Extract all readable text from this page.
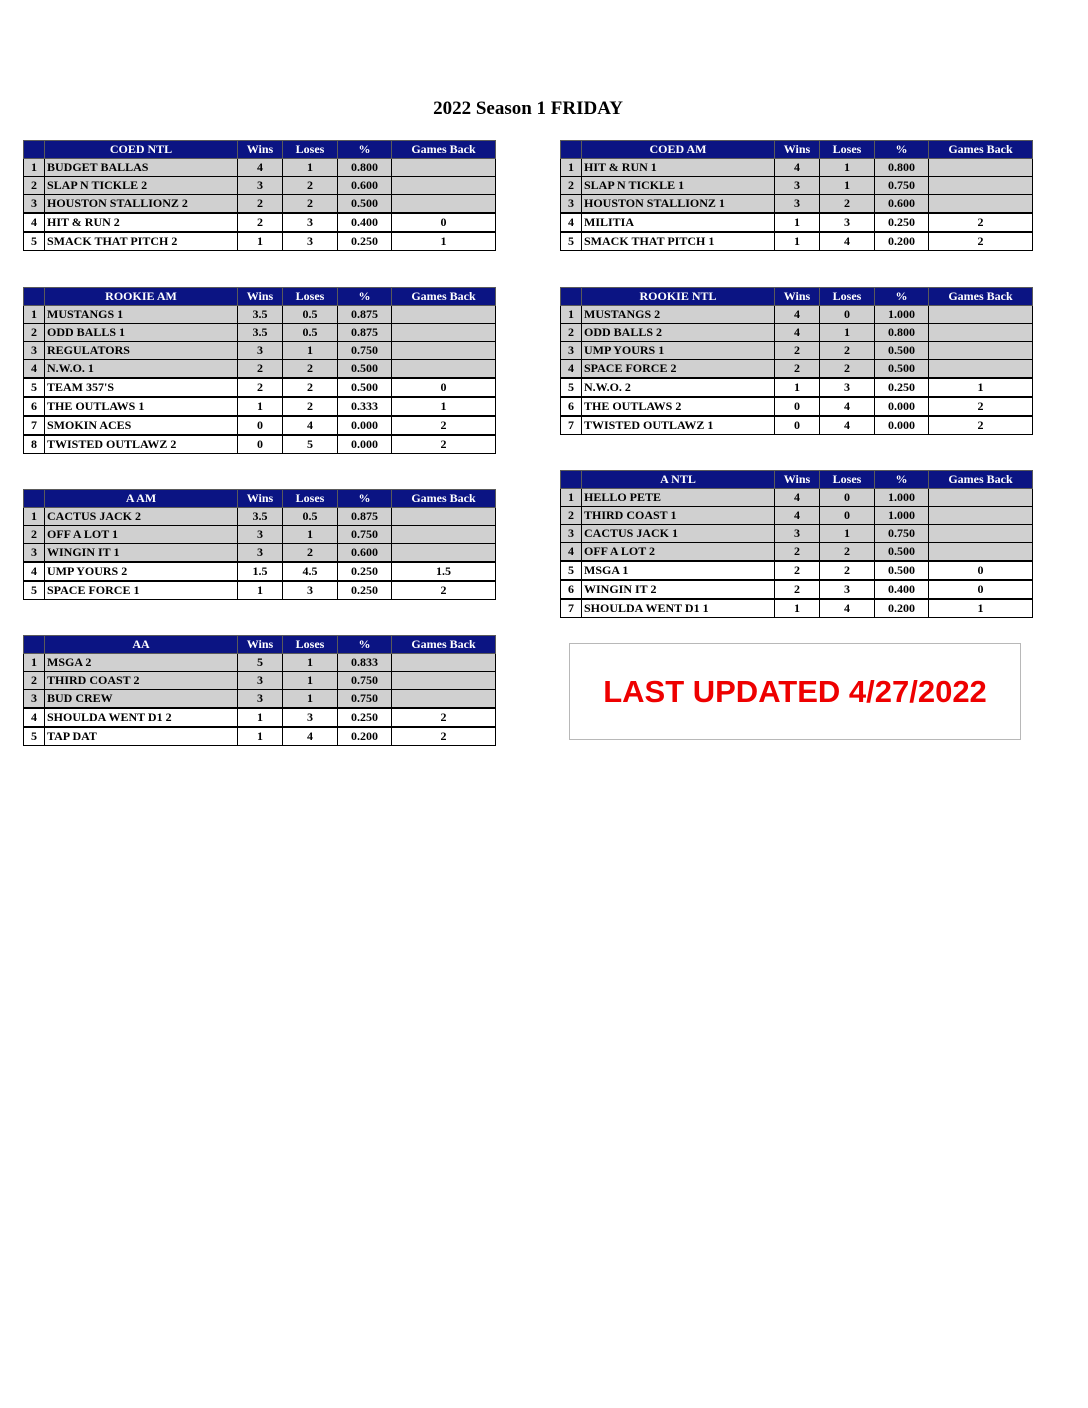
2022 Season 1 FRIDAY
	COED NTL	Wins	Loses	%	Games Back
1	BUDGET BALLAS	4	1	0.800	
2	SLAP N TICKLE 2	3	2	0.600	
3	HOUSTON STALLIONZ 2	2	2	0.500	
4	HIT & RUN 2	2	3	0.400	0
5	SMACK THAT PITCH 2	1	3	0.250	1
	COED AM	Wins	Loses	%	Games Back
1	HIT & RUN 1	4	1	0.800	
2	SLAP N TICKLE 1	3	1	0.750	
3	HOUSTON STALLIONZ 1	3	2	0.600	
4	MILITIA	1	3	0.250	2
5	SMACK THAT PITCH 1	1	4	0.200	2
	ROOKIE AM	Wins	Loses	%	Games Back
1	MUSTANGS 1	3.5	0.5	0.875	
2	ODD BALLS 1	3.5	0.5	0.875	
3	REGULATORS	3	1	0.750	
4	N.W.O. 1	2	2	0.500	
5	TEAM 357'S	2	2	0.500	0
6	THE OUTLAWS 1	1	2	0.333	1
7	SMOKIN ACES	0	4	0.000	2
8	TWISTED OUTLAWZ 2	0	5	0.000	2
	ROOKIE NTL	Wins	Loses	%	Games Back
1	MUSTANGS 2	4	0	1.000	
2	ODD BALLS 2	4	1	0.800	
3	UMP YOURS 1	2	2	0.500	
4	SPACE FORCE 2	2	2	0.500	
5	N.W.O. 2	1	3	0.250	1
6	THE OUTLAWS 2	0	4	0.000	2
7	TWISTED OUTLAWZ 1	0	4	0.000	2
	A NTL	Wins	Loses	%	Games Back
1	HELLO PETE	4	0	1.000	
2	THIRD COAST 1	4	0	1.000	
3	CACTUS JACK 1	3	1	0.750	
4	OFF A LOT 2	2	2	0.500	
5	MSGA 1	2	2	0.500	0
6	WINGIN IT 2	2	3	0.400	0
7	SHOULDA WENT D1 1	1	4	0.200	1
	A AM	Wins	Loses	%	Games Back
1	CACTUS JACK 2	3.5	0.5	0.875	
2	OFF A LOT 1	3	1	0.750	
3	WINGIN IT 1	3	2	0.600	
4	UMP YOURS 2	1.5	4.5	0.250	1.5
5	SPACE FORCE 1	1	3	0.250	2
	AA	Wins	Loses	%	Games Back
1	MSGA 2	5	1	0.833	
2	THIRD COAST 2	3	1	0.750	
3	BUD CREW	3	1	0.750	
4	SHOULDA WENT D1 2	1	3	0.250	2
5	TAP DAT	1	4	0.200	2
LAST UPDATED 4/27/2022
